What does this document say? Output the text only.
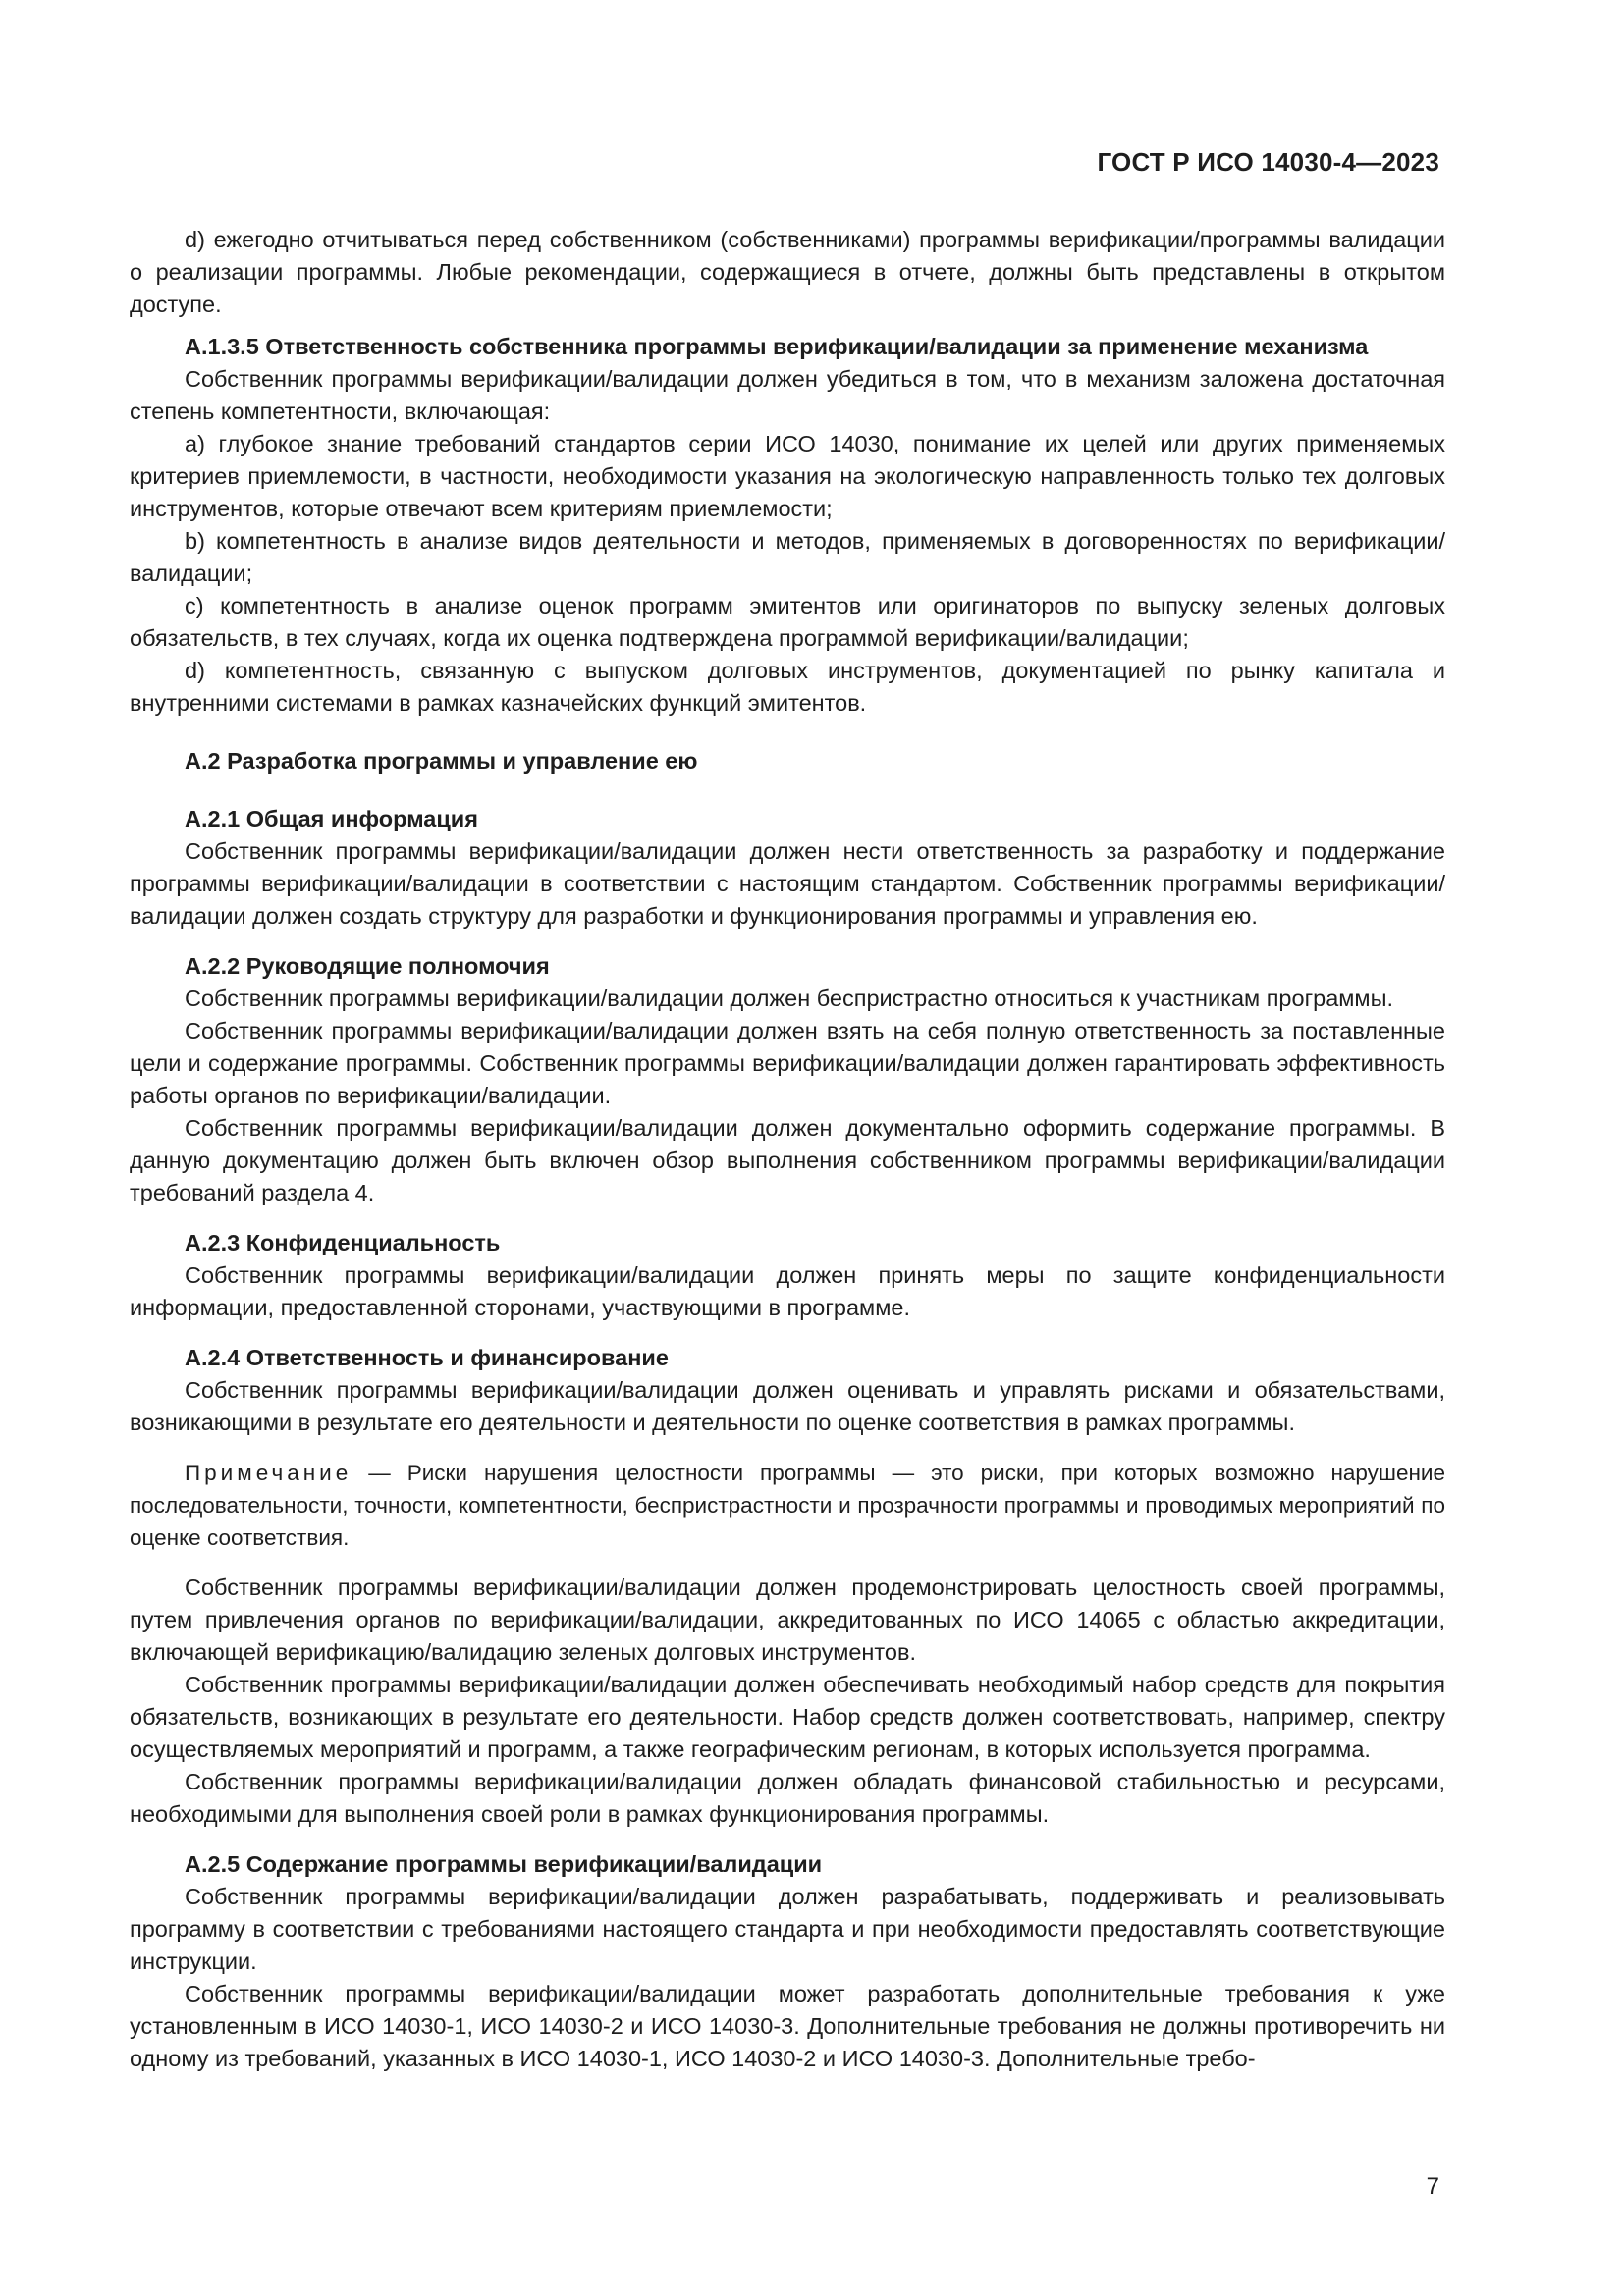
ГОСТ Р ИСО 14030-4—2023

d) ежегодно отчитываться перед собственником (собственниками) программы верификации/программы валидации о реализации программы. Любые рекомендации, содержащиеся в отчете, должны быть представлены в открытом доступе.

А.1.3.5 Ответственность собственника программы верификации/валидации за применение механизма

Собственник программы верификации/валидации должен убедиться в том, что в механизм заложена достаточная степень компетентности, включающая:

а) глубокое знание требований стандартов серии ИСО 14030, понимание их целей или других применяемых критериев приемлемости, в частности, необходимости указания на экологическую направленность только тех долговых инструментов, которые отвечают всем критериям приемлемости;

b) компетентность в анализе видов деятельности и методов, применяемых в договоренностях по верификации/валидации;

с) компетентность в анализе оценок программ эмитентов или оригинаторов по выпуску зеленых долговых обязательств, в тех случаях, когда их оценка подтверждена программой верификации/валидации;

d) компетентность, связанную с выпуском долговых инструментов, документацией по рынку капитала и внутренними системами в рамках казначейских функций эмитентов.

А.2 Разработка программы и управление ею

А.2.1 Общая информация

Собственник программы верификации/валидации должен нести ответственность за разработку и поддержание программы верификации/валидации в соответствии с настоящим стандартом. Собственник программы верификации/валидации должен создать структуру для разработки и функционирования программы и управления ею.

А.2.2 Руководящие полномочия

Собственник программы верификации/валидации должен беспристрастно относиться к участникам программы.

Собственник программы верификации/валидации должен взять на себя полную ответственность за поставленные цели и содержание программы. Собственник программы верификации/валидации должен гарантировать эффективность работы органов по верификации/валидации.

Собственник программы верификации/валидации должен документально оформить содержание программы. В данную документацию должен быть включен обзор выполнения собственником программы верификации/валидации требований раздела 4.

А.2.3 Конфиденциальность

Собственник программы верификации/валидации должен принять меры по защите конфиденциальности информации, предоставленной сторонами, участвующими в программе.

А.2.4 Ответственность и финансирование

Собственник программы верификации/валидации должен оценивать и управлять рисками и обязательствами, возникающими в результате его деятельности и деятельности по оценке соответствия в рамках программы.

Примечание — Риски нарушения целостности программы — это риски, при которых возможно нарушение последовательности, точности, компетентности, беспристрастности и прозрачности программы и проводимых мероприятий по оценке соответствия.

Собственник программы верификации/валидации должен продемонстрировать целостность своей программы, путем привлечения органов по верификации/валидации, аккредитованных по ИСО 14065 с областью аккредитации, включающей верификацию/валидацию зеленых долговых инструментов.

Собственник программы верификации/валидации должен обеспечивать необходимый набор средств для покрытия обязательств, возникающих в результате его деятельности. Набор средств должен соответствовать, например, спектру осуществляемых мероприятий и программ, а также географическим регионам, в которых используется программа.

Собственник программы верификации/валидации должен обладать финансовой стабильностью и ресурсами, необходимыми для выполнения своей роли в рамках функционирования программы.

А.2.5 Содержание программы верификации/валидации

Собственник программы верификации/валидации должен разрабатывать, поддерживать и реализовывать программу в соответствии с требованиями настоящего стандарта и при необходимости предоставлять соответствующие инструкции.

Собственник программы верификации/валидации может разработать дополнительные требования к уже установленным в ИСО 14030-1, ИСО 14030-2 и ИСО 14030-3. Дополнительные требования не должны противоречить ни одному из требований, указанных в ИСО 14030-1, ИСО 14030-2 и ИСО 14030-3. Дополнительные требо-

7
